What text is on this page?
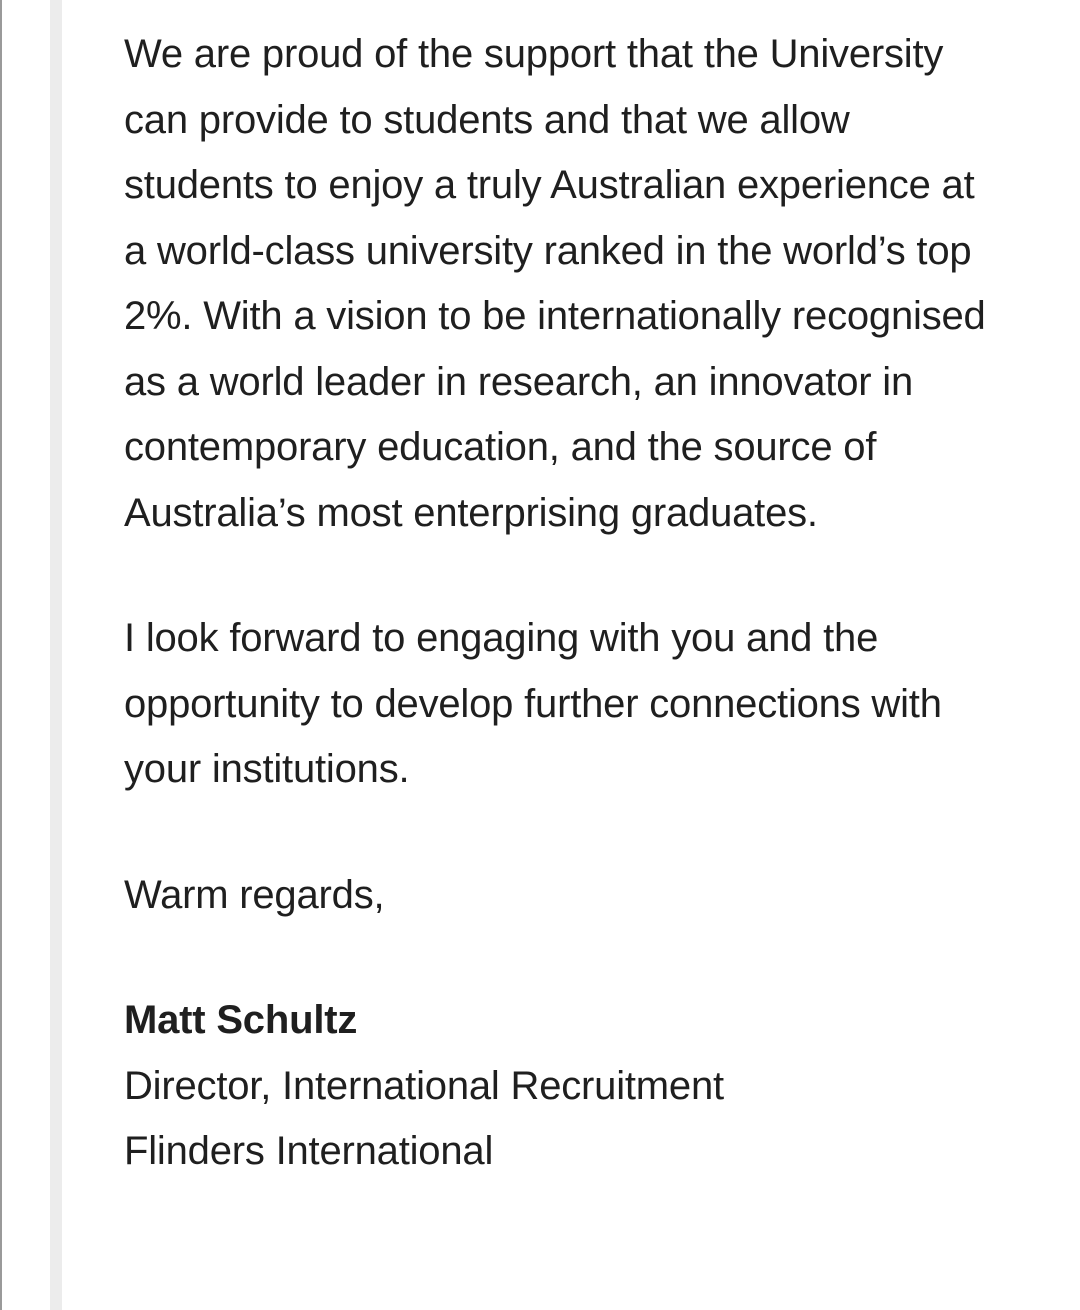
We are proud of the support that the University can provide to students and that we allow students to enjoy a truly Australian experience at a world-class university ranked in the world’s top 2%. With a vision to be internationally recognised as a world leader in research, an innovator in contemporary education, and the source of Australia’s most enterprising graduates.

I look forward to engaging with you and the opportunity to develop further connections with your institutions.

Warm regards,

Matt Schultz

Director, International Recruitment

Flinders International
